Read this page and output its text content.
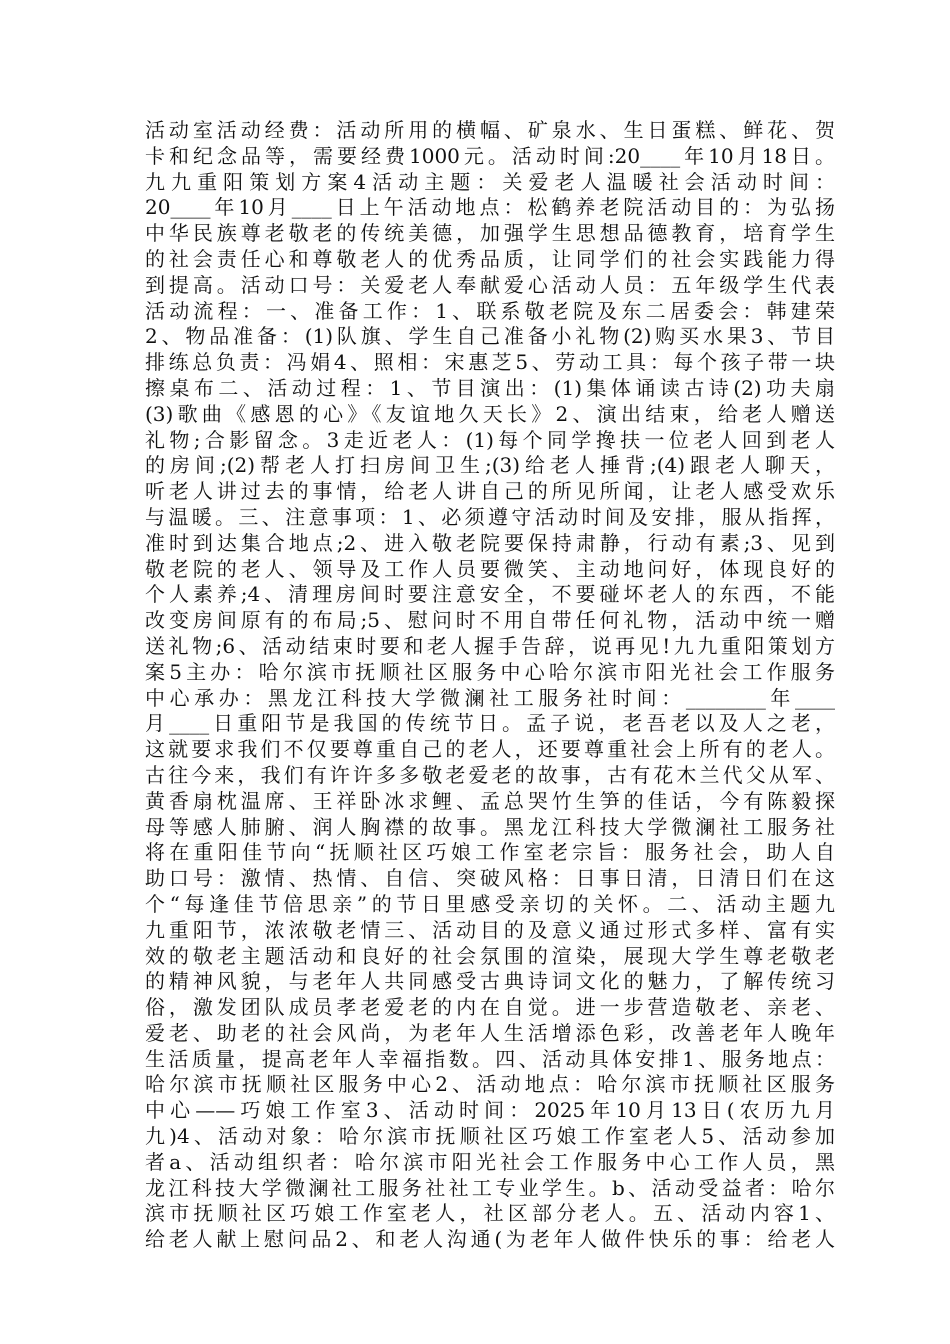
活动室活动经费：活动所用的横幅、矿泉水、生日蛋糕、鲜花、贺
卡和纪念品等，需要经费1000元。活动时间:20____年10月18日。
九九重阳策划方案4活动主题：关爱老人温暖社会活动时间：
20____年10月____日上午活动地点：松鹤养老院活动目的：为弘扬
中华民族尊老敬老的传统美德，加强学生思想品德教育，培育学生
的社会责任心和尊敬老人的优秀品质，让同学们的社会实践能力得
到提高。活动口号：关爱老人奉献爱心活动人员：五年级学生代表
活动流程：一、准备工作：1、联系敬老院及东二居委会：韩建荣
2、物品准备：(1)队旗、学生自己准备小礼物(2)购买水果3、节目
排练总负责：冯娟4、照相：宋惠芝5、劳动工具：每个孩子带一块
擦桌布二、活动过程：1、节目演出：(1)集体诵读古诗(2)功夫扇
(3)歌曲《感恩的心》《友谊地久天长》2、演出结束，给老人赠送
礼物;合影留念。3走近老人：(1)每个同学搀扶一位老人回到老人
的房间;(2)帮老人打扫房间卫生;(3)给老人捶背;(4)跟老人聊天，
听老人讲过去的事情，给老人讲自己的所见所闻，让老人感受欢乐
与温暖。三、注意事项：1、必须遵守活动时间及安排，服从指挥，
准时到达集合地点;2、进入敬老院要保持肃静，行动有素;3、见到
敬老院的老人、领导及工作人员要微笑、主动地问好，体现良好的
个人素养;4、清理房间时要注意安全，不要碰坏老人的东西，不能
改变房间原有的布局;5、慰问时不用自带任何礼物，活动中统一赠
送礼物;6、活动结束时要和老人握手告辞，说再见!九九重阳策划方
案5主办：哈尔滨市抚顺社区服务中心哈尔滨市阳光社会工作服务
中心承办：黑龙江科技大学微澜社工服务社时间：________年____
月____日重阳节是我国的传统节日。孟子说，老吾老以及人之老，
这就要求我们不仅要尊重自己的老人，还要尊重社会上所有的老人。
古往今来，我们有许许多多敬老爱老的故事，古有花木兰代父从军、
黄香扇枕温席、王祥卧冰求鲤、孟总哭竹生笋的佳话，今有陈毅探
母等感人肺腑、润人胸襟的故事。黑龙江科技大学微澜社工服务社
将在重阳佳节向“抚顺社区巧娘工作室老宗旨：服务社会，助人自
助口号：激情、热情、自信、突破风格：日事日清，日清日们在这
个“每逢佳节倍思亲”的节日里感受亲切的关怀。二、活动主题九
九重阳节，浓浓敬老情三、活动目的及意义通过形式多样、富有实
效的敬老主题活动和良好的社会氛围的渲染，展现大学生尊老敬老
的精神风貌，与老年人共同感受古典诗词文化的魅力，了解传统习
俗，激发团队成员孝老爱老的内在自觉。进一步营造敬老、亲老、
爱老、助老的社会风尚，为老年人生活增添色彩，改善老年人晚年
生活质量，提高老年人幸福指数。四、活动具体安排1、服务地点：
哈尔滨市抚顺社区服务中心2、活动地点：哈尔滨市抚顺社区服务
中心——巧娘工作室3、活动时间：2025年10月13日(农历九月
九)4、活动对象：哈尔滨市抚顺社区巧娘工作室老人5、活动参加
者a、活动组织者：哈尔滨市阳光社会工作服务中心工作人员，黑
龙江科技大学微澜社工服务社社工专业学生。b、活动受益者：哈尔
滨市抚顺社区巧娘工作室老人，社区部分老人。五、活动内容1、
给老人献上慰问品2、和老人沟通(为老年人做件快乐的事：给老人
